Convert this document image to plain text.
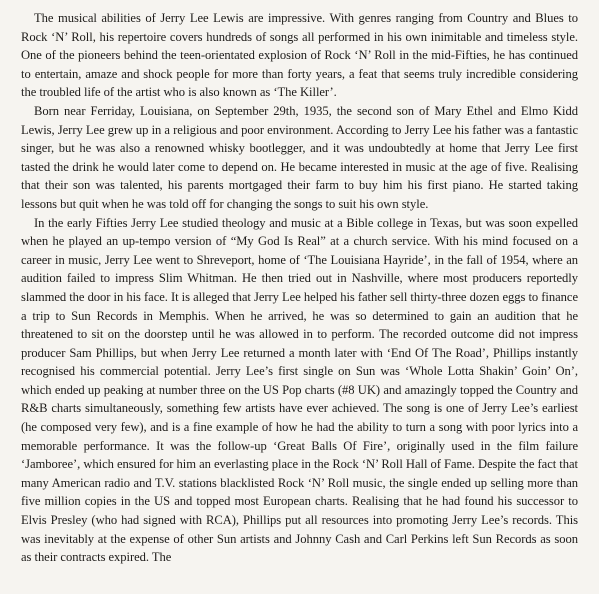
The musical abilities of Jerry Lee Lewis are impressive. With genres ranging from Country and Blues to Rock ‘N’ Roll, his repertoire covers hundreds of songs all performed in his own inimitable and timeless style. One of the pioneers behind the teen-orientated explosion of Rock ‘N’ Roll in the mid-Fifties, he has continued to entertain, amaze and shock people for more than forty years, a feat that seems truly incredible considering the troubled life of the artist who is also known as ‘The Killer’.

Born near Ferriday, Louisiana, on September 29th, 1935, the second son of Mary Ethel and Elmo Kidd Lewis, Jerry Lee grew up in a religious and poor environment. According to Jerry Lee his father was a fantastic singer, but he was also a renowned whisky bootlegger, and it was undoubtedly at home that Jerry Lee first tasted the drink he would later come to depend on. He became interested in music at the age of five. Realising that their son was talented, his parents mortgaged their farm to buy him his first piano. He started taking lessons but quit when he was told off for changing the songs to suit his own style.

In the early Fifties Jerry Lee studied theology and music at a Bible college in Texas, but was soon expelled when he played an up-tempo version of “My God Is Real” at a church service. With his mind focused on a career in music, Jerry Lee went to Shreveport, home of ‘The Louisiana Hayride’, in the fall of 1954, where an audition failed to impress Slim Whitman. He then tried out in Nashville, where most producers reportedly slammed the door in his face. It is alleged that Jerry Lee helped his father sell thirty-three dozen eggs to finance a trip to Sun Records in Memphis. When he arrived, he was so determined to gain an audition that he threatened to sit on the doorstep until he was allowed in to perform. The recorded outcome did not impress producer Sam Phillips, but when Jerry Lee returned a month later with ‘End Of The Road’, Phillips instantly recognised his commercial potential. Jerry Lee’s first single on Sun was ‘Whole Lotta Shakin’ Goin’ On’, which ended up peaking at number three on the US Pop charts (#8 UK) and amazingly topped the Country and R&B charts simultaneously, something few artists have ever achieved. The song is one of Jerry Lee’s earliest (he composed very few), and is a fine example of how he had the ability to turn a song with poor lyrics into a memorable performance. It was the follow-up ‘Great Balls Of Fire’, originally used in the film failure ‘Jamboree’, which ensured for him an everlasting place in the Rock ‘N’ Roll Hall of Fame. Despite the fact that many American radio and T.V. stations blacklisted Rock ‘N’ Roll music, the single ended up selling more than five million copies in the US and topped most European charts. Realising that he had found his successor to Elvis Presley (who had signed with RCA), Phillips put all resources into promoting Jerry Lee’s records. This was inevitably at the expense of other Sun artists and Johnny Cash and Carl Perkins left Sun Records as soon as their contracts expired. The
